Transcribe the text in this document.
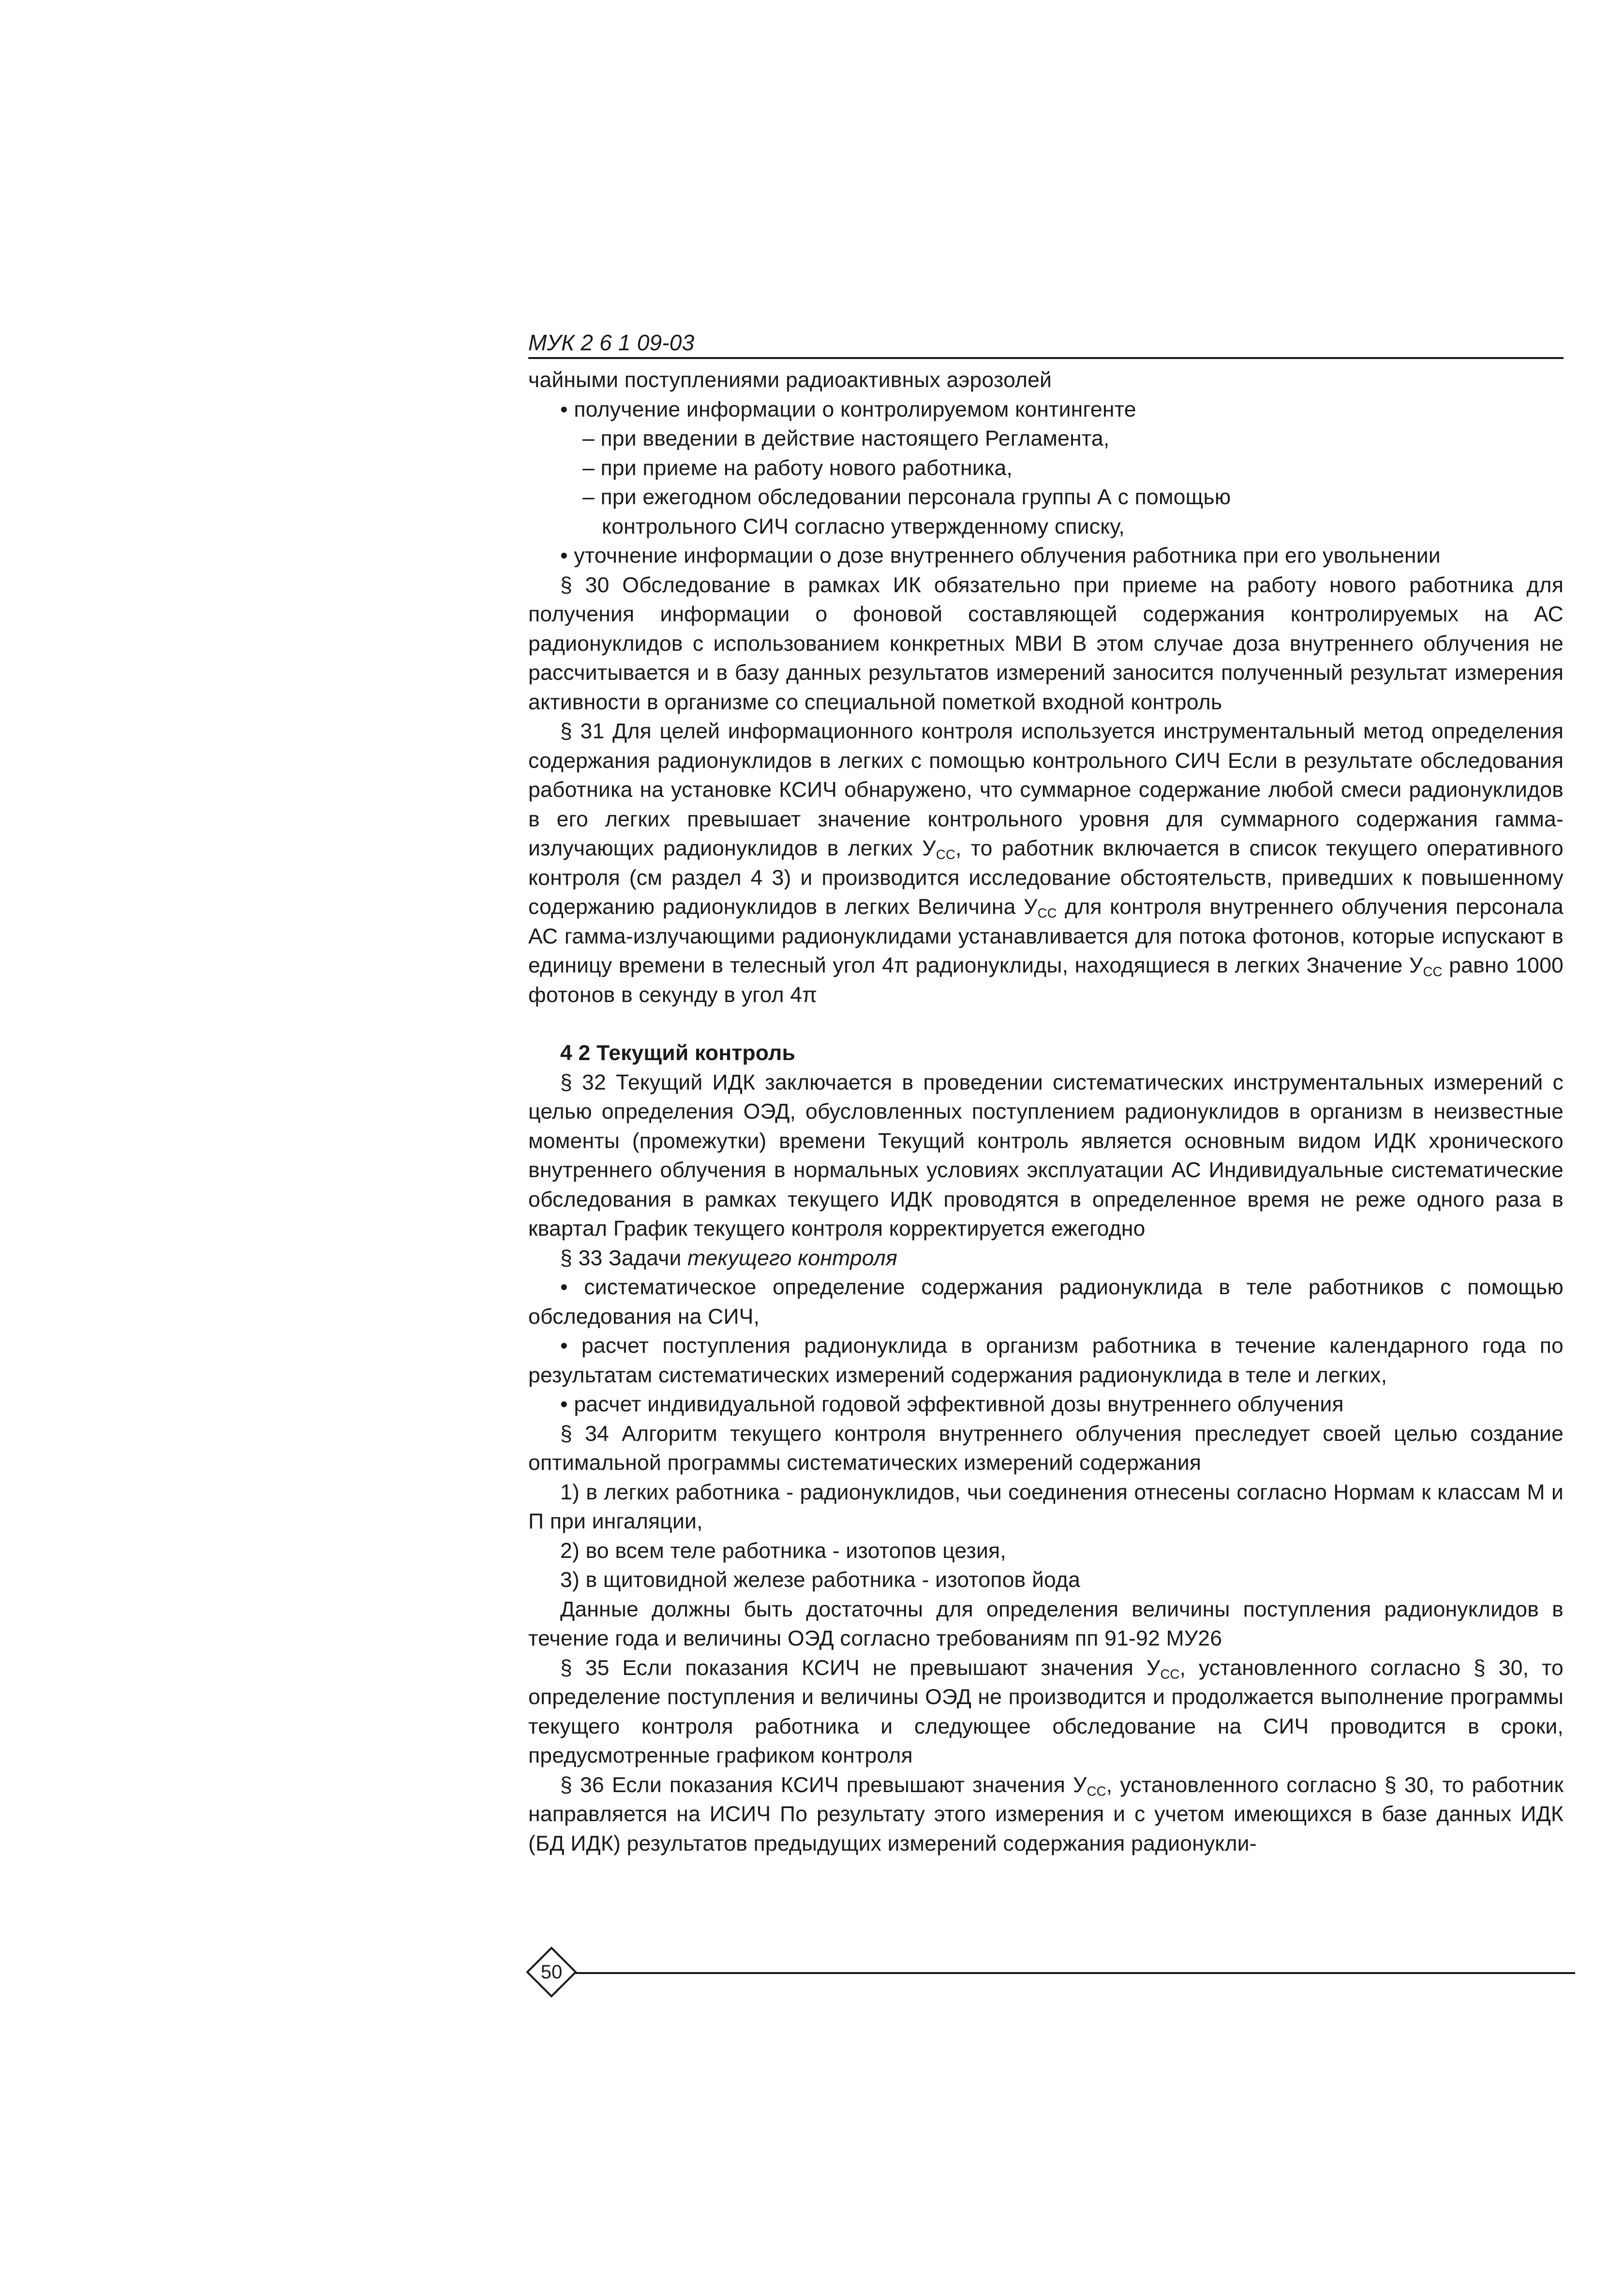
МУК 2 6 1 09-03

чайными поступлениями радиоактивных аэрозолей

• получение информации о контролируемом контингенте

– при введении в действие настоящего Регламента,

– при приеме на работу нового работника,

– при ежегодном обследовании персонала группы А с помощью

контрольного СИЧ согласно утвержденному списку,

• уточнение информации о дозе внутреннего облучения работника при его увольнении

§ 30 Обследование в рамках ИК обязательно при приеме на работу нового работника для получения информации о фоновой составляющей содержания контролируемых на АС радионуклидов с использованием конкретных МВИ В этом случае доза внутреннего облучения не рассчитывается и в базу данных результатов измерений заносится полученный результат измерения активности в организме со специальной пометкой входной контроль

§ 31 Для целей информационного контроля используется инструментальный метод определения содержания радионуклидов в легких с помощью контрольного СИЧ Если в результате обследования работника на установке КСИЧ обнаружено, что суммарное содержание любой смеси радионуклидов в его легких превышает значение контрольного уровня для суммарного содержания гамма-излучающих радионуклидов в легких $У_{СС}$, то работник включается в список текущего оперативного контроля (см раздел 4 3) и производится исследование обстоятельств, приведших к повышенному содержанию радионуклидов в легких Величина $У_{СС}$ для контроля внутреннего облучения персонала АС гамма-излучающими радионуклидами устанавливается для потока фотонов, которые испускают в единицу времени в телесный угол 4π радионуклиды, находящиеся в легких Значение $У_{СС}$ равно 1000 фотонов в секунду в угол 4π

4 2 Текущий контроль

§ 32 Текущий ИДК заключается в проведении систематических инструментальных измерений с целью определения ОЭД, обусловленных поступлением радионуклидов в организм в неизвестные моменты (промежутки) времени Текущий контроль является основным видом ИДК хронического внутреннего облучения в нормальных условиях эксплуатации АС Индивидуальные систематические обследования в рамках текущего ИДК проводятся в определенное время не реже одного раза в квартал График текущего контроля корректируется ежегодно

§ 33 Задачи текущего контроля

• систематическое определение содержания радионуклида в теле работников с помощью обследования на СИЧ,

• расчет поступления радионуклида в организм работника в течение календарного года по результатам систематических измерений содержания радионуклида в теле и легких,

• расчет индивидуальной годовой эффективной дозы внутреннего облучения

§ 34 Алгоритм текущего контроля внутреннего облучения преследует своей целью создание оптимальной программы систематических измерений содержания

1) в легких работника - радионуклидов, чьи соединения отнесены согласно Нормам к классам М и П при ингаляции,

2) во всем теле работника - изотопов цезия,

3) в щитовидной железе работника - изотопов йода

Данные должны быть достаточны для определения величины поступления радионуклидов в течение года и величины ОЭД согласно требованиям пп 91-92 МУ26

§ 35 Если показания КСИЧ не превышают значения $У_{СС}$, установленного согласно § 30, то определение поступления и величины ОЭД не производится и продолжается выполнение программы текущего контроля работника и следующее обследование на СИЧ проводится в сроки, предусмотренные графиком контроля

§ 36 Если показания КСИЧ превышают значения $У_{СС}$, установленного согласно § 30, то работник направляется на ИСИЧ По результату этого измерения и с учетом имеющихся в базе данных ИДК (БД ИДК) результатов предыдущих измерений содержания радионукли-

50
